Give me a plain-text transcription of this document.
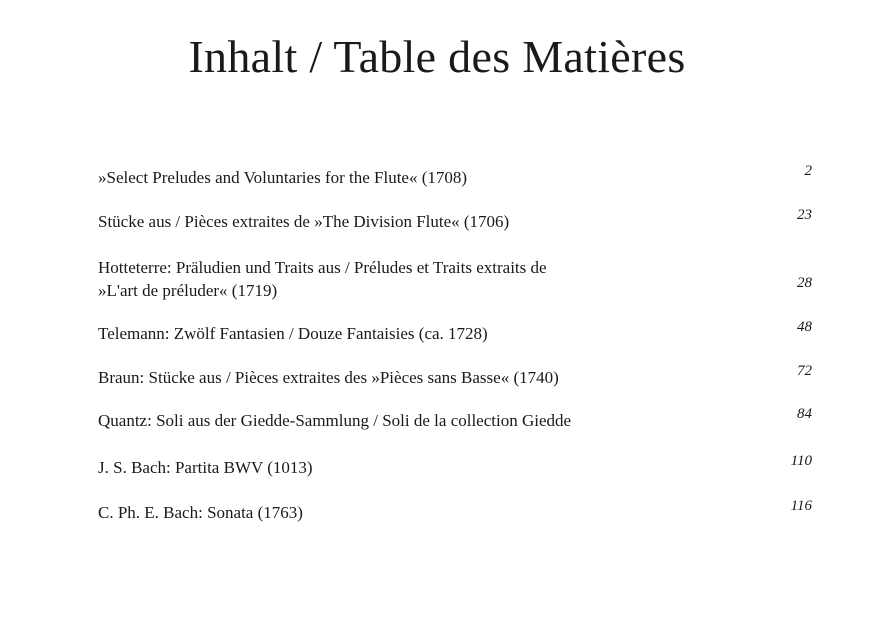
Inhalt / Table des Matières
»Select Preludes and Voluntaries for the Flute« (1708)	2
Stücke aus / Pièces extraites de »The Division Flute« (1706)	23
Hotteterre: Präludien und Traits aus / Préludes et Traits extraits de
»L'art de préluder« (1719)	28
Telemann: Zwölf Fantasien / Douze Fantaisies (ca. 1728)	48
Braun: Stücke aus / Pièces extraites des »Pièces sans Basse« (1740)	72
Quantz: Soli aus der Giedde-Sammlung / Soli de la collection Giedde	84
J. S. Bach: Partita BWV (1013)	110
C. Ph. E. Bach: Sonata (1763)	116
